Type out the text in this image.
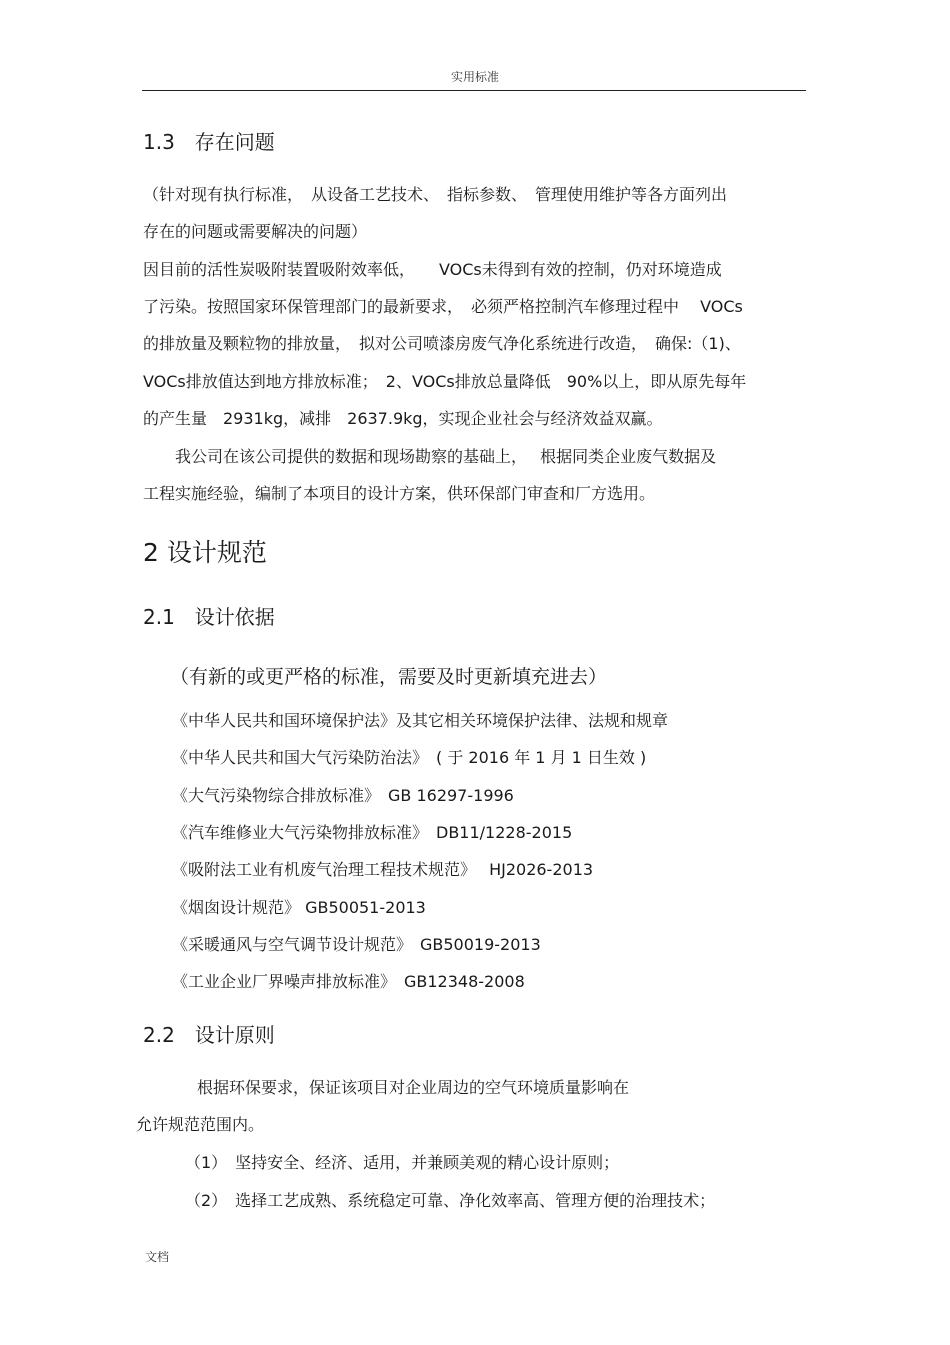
实用标准
1.3　存在问题
（针对现有执行标准，　从设备工艺技术、　指标参数、　管理使用维护等各方面列出
存在的问题或需要解决的问题）
因目前的活性炭吸附装置吸附效率低，　　VOCs未得到有效的控制，仍对环境造成
了污染。按照国家环保管理部门的最新要求，　必须严格控制汽车修理过程中　 VOCs
的排放量及颗粒物的排放量，　拟对公司喷漆房废气净化系统进行改造，　确保:（1)、
VOCs排放值达到地方排放标准；　2、VOCs排放总量降低　90%以上，即从原先每年
的产生量　2931kg，减排　2637.9kg，实现企业社会与经济效益双赢。
　　我公司在该公司提供的数据和现场勘察的基础上，　 根据同类企业废气数据及
工程实施经验，编制了本项目的设计方案，供环保部门审查和厂方选用。
2 设计规范
2.1　设计依据
（有新的或更严格的标准，需要及时更新填充进去）
《中华人民共和国环境保护法》及其它相关环境保护法律、法规和规章
《中华人民共和国大气污染防治法》　( 于 2016 年 1 月 1 日生效 )
《大气污染物综合排放标准》　GB 16297-1996
《汽车维修业大气污染物排放标准》　DB11/1228-2015
《吸附法工业有机废气治理工程技术规范》　 HJ2026-2013
《烟囱设计规范》 GB50051-2013
《采暖通风与空气调节设计规范》　GB50019-2013
《工业企业厂界噪声排放标准》　GB12348-2008
2.2　设计原则
　　根据环保要求，保证该项目对企业周边的空气环境质量影响在
允许规范范围内。
（1）　坚持安全、经济、适用，并兼顾美观的精心设计原则；
（2）　选择工艺成熟、系统稳定可靠、净化效率高、管理方便的治理技术；
文档
